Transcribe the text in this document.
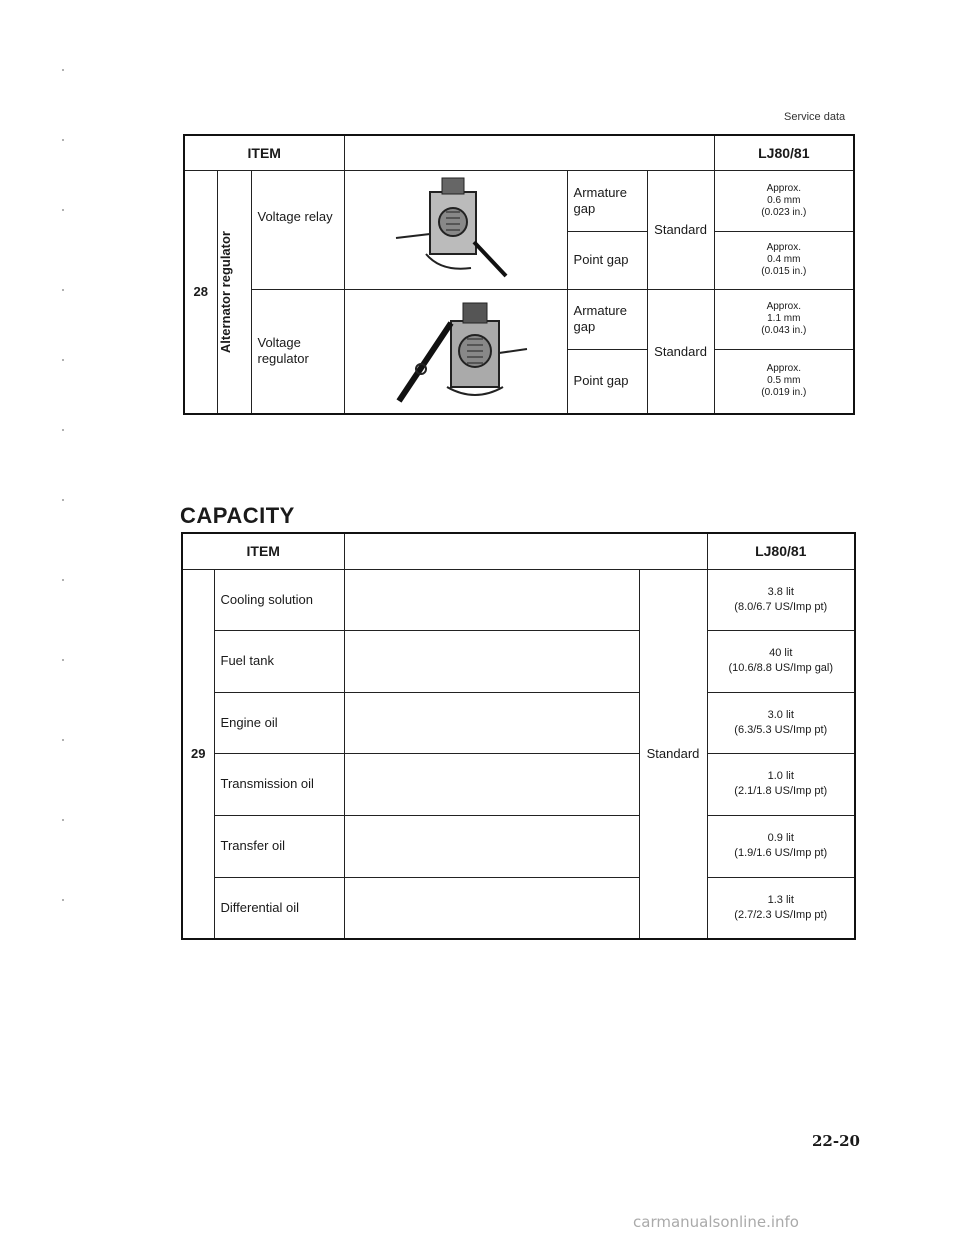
Service data
ITEM						LJ80/81
28	Alternator regulator	Voltage relay		Armature gap	Standard	Approx.
0.6 mm
(0.023 in.)

				Point gap		Approx.
0.4 mm
(0.015 in.)

		Voltage regulator		Armature gap	Standard	Approx.
1.1 mm
(0.043 in.)

				Point gap		Approx.
0.5 mm
(0.019 in.)
CAPACITY
ITEM				LJ80/81
29	Cooling solution		Standard	3.8 lit
(8.0/6.7 US/Imp pt)

	Fuel tank			40 lit
(10.6/8.8 US/Imp gal)

	Engine oil			3.0 lit
(6.3/5.3 US/Imp pt)

	Transmission oil			1.0 lit
(2.1/1.8 US/Imp pt)

	Transfer oil			0.9 lit
(1.9/1.6 US/Imp pt)

	Differential oil			1.3 lit
(2.7/2.3 US/Imp pt)
22-20
carmanualsonline.info
